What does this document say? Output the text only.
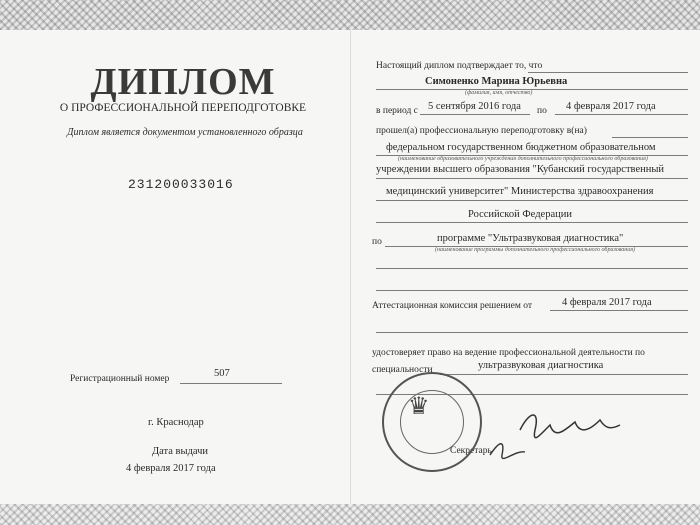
ДИПЛОМ
О ПРОФЕССИОНАЛЬНОЙ ПЕРЕПОДГОТОВКЕ
Диплом является документом установленного образца
231200033016
Регистрационный номер	507
г. Краснодар
Дата выдачи
4 февраля 2017 года
Настоящий диплом подтверждает то, что
Симоненко Марина Юрьевна
(фамилия, имя, отчество)
в период с 5 сентября 2016 года по 4 февраля 2017 года
прошел(а) профессиональную переподготовку в(на)
федеральном государственном бюджетном образовательном
(наименование образовательного учреждения дополнительного профессионального образования)
учреждении высшего образования "Кубанский государственный
медицинский университет" Министерства здравоохранения
Российской Федерации
по	программе "Ультразвуковая диагностика"
(наименование программы дополнительного профессионального образования)
Аттестационная комиссия решением от	4 февраля 2017 года
удостоверяет право на ведение профессиональной деятельности по
специальности	ультразвуковая диагностика
Секретарь
♛
